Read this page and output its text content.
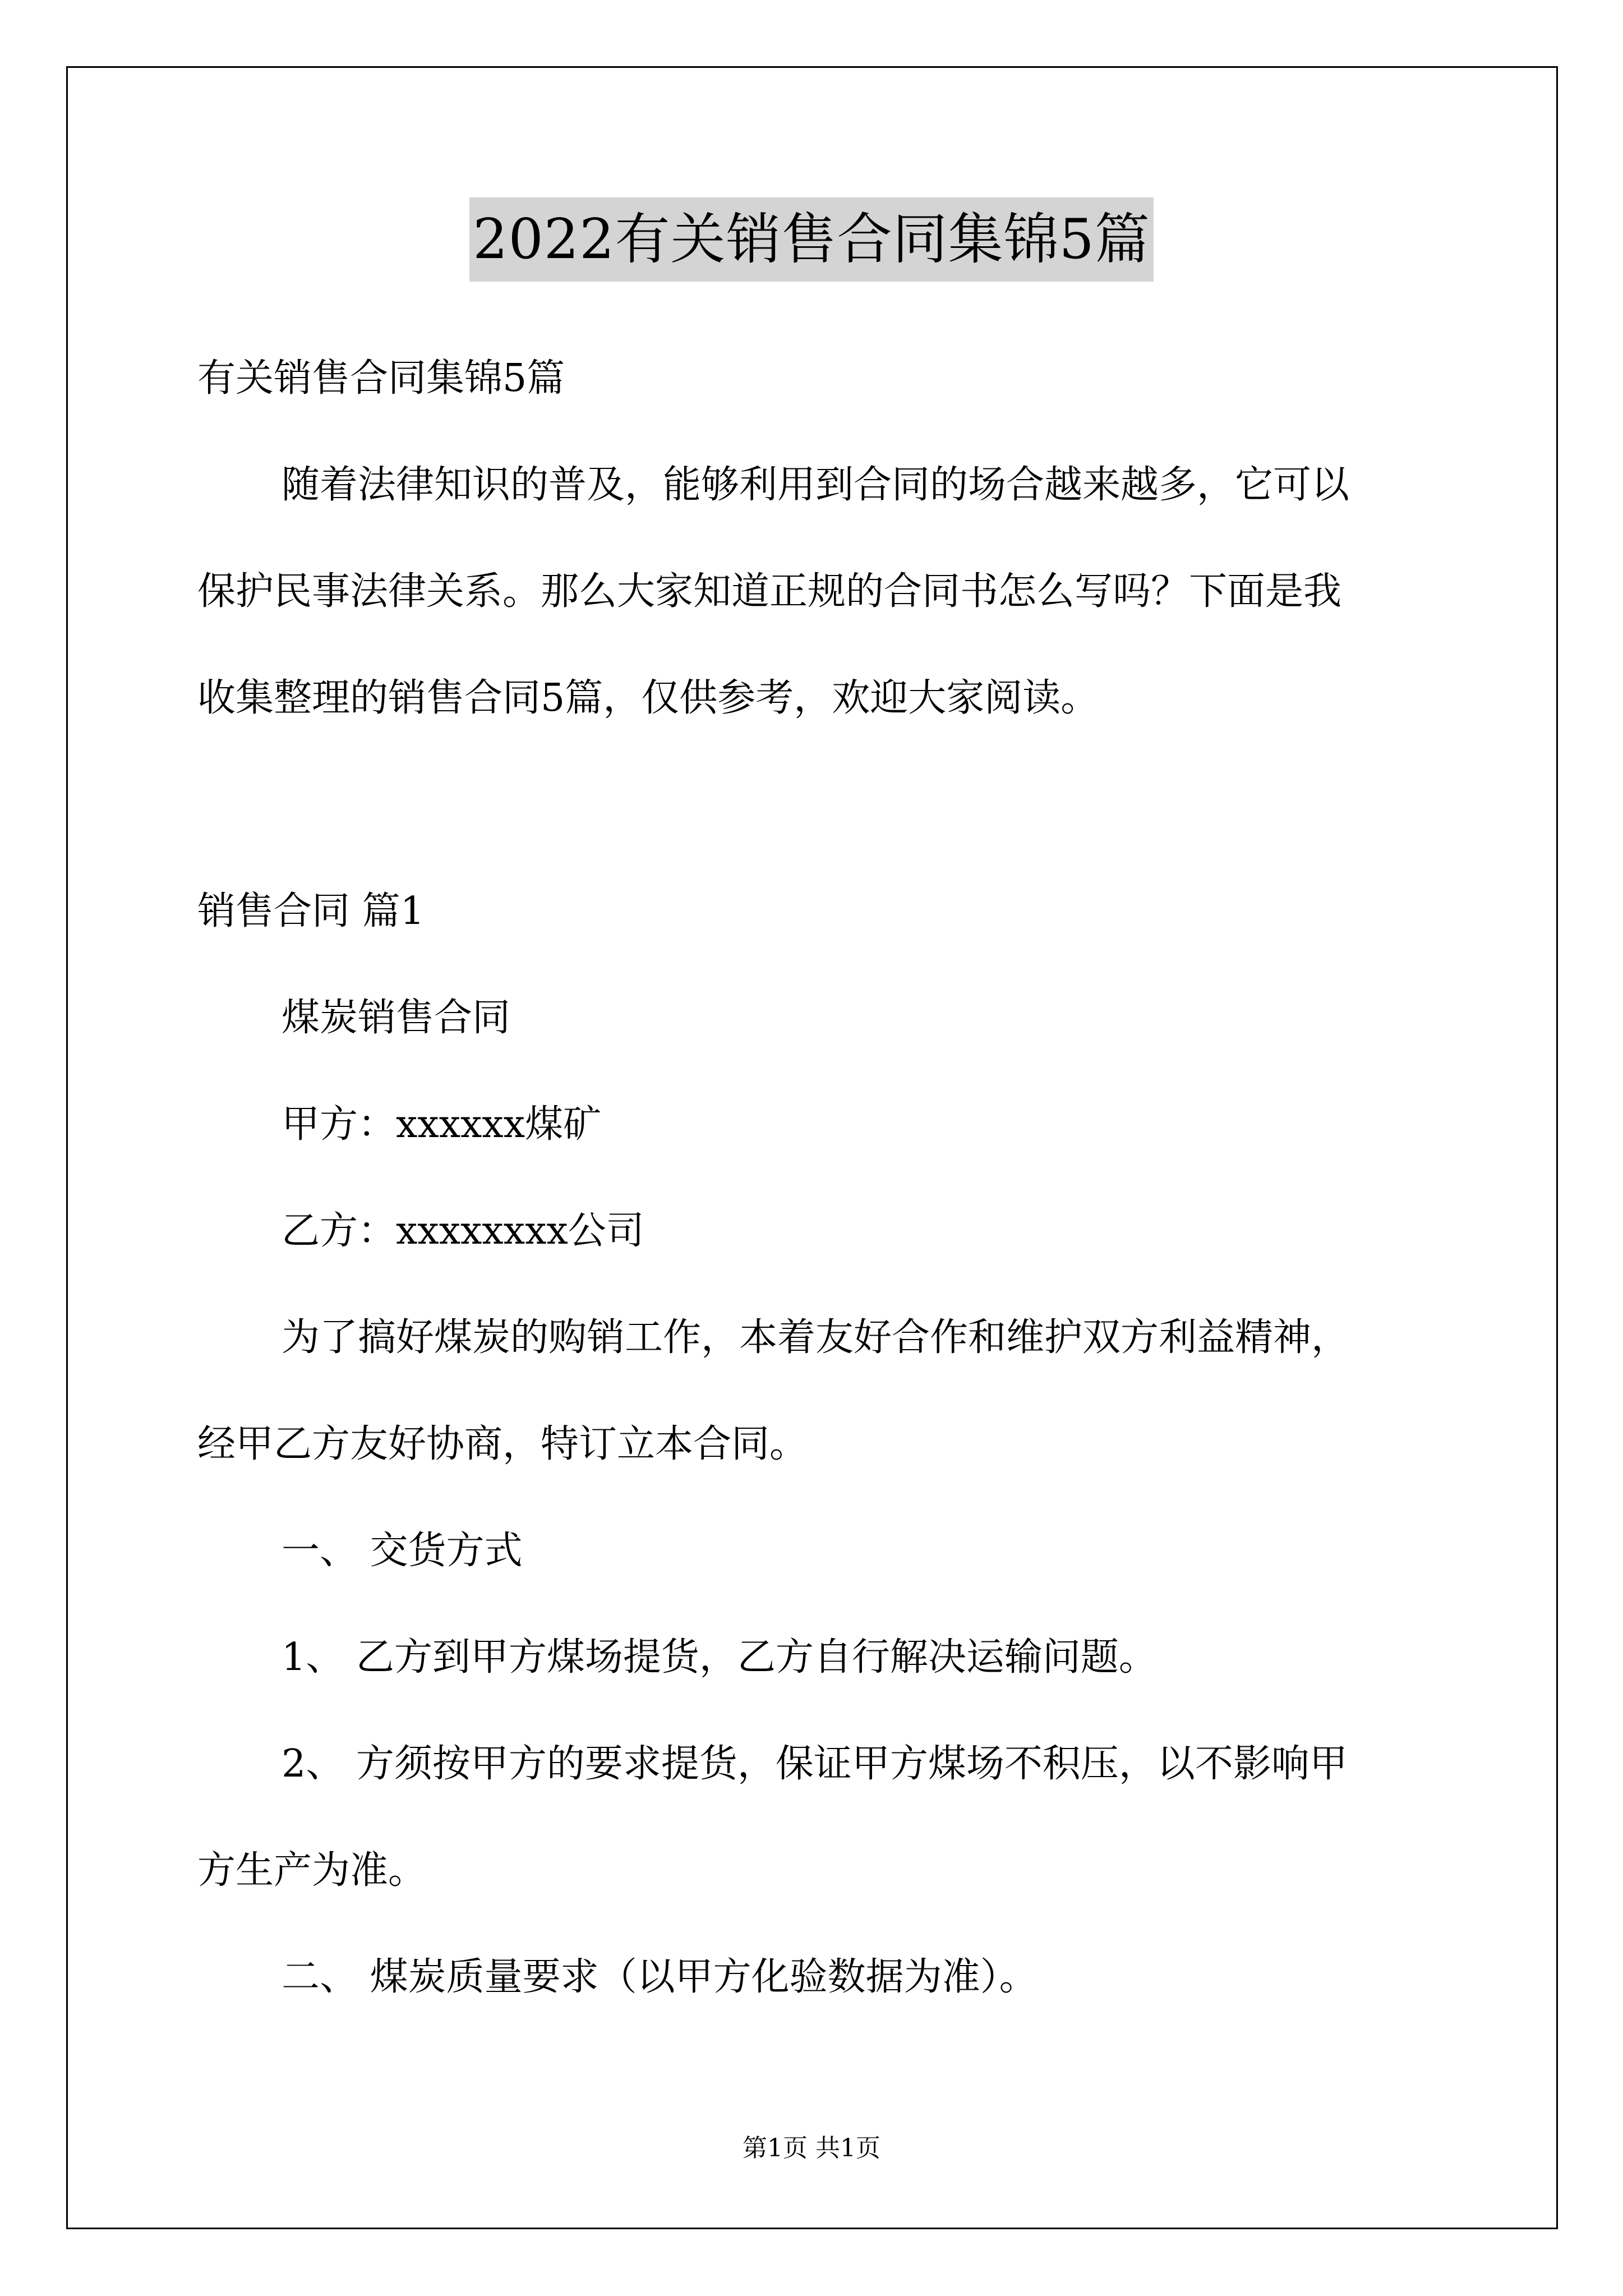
2022有关销售合同集锦5篇
有关销售合同集锦5篇
随着法律知识的普及，能够利用到合同的场合越来越多，它可以
保护民事法律关系。那么大家知道正规的合同书怎么写吗？下面是我
收集整理的销售合同5篇，仅供参考，欢迎大家阅读。
销售合同 篇1
煤炭销售合同
甲方：xxxxxx煤矿
乙方：xxxxxxxx公司
为了搞好煤炭的购销工作，本着友好合作和维护双方利益精神，
经甲乙方友好协商，特订立本合同。
一、 交货方式
1、 乙方到甲方煤场提货，乙方自行解决运输问题。
2、 方须按甲方的要求提货，保证甲方煤场不积压，以不影响甲
方生产为准。
二、 煤炭质量要求（以甲方化验数据为准）。
第1页 共1页
